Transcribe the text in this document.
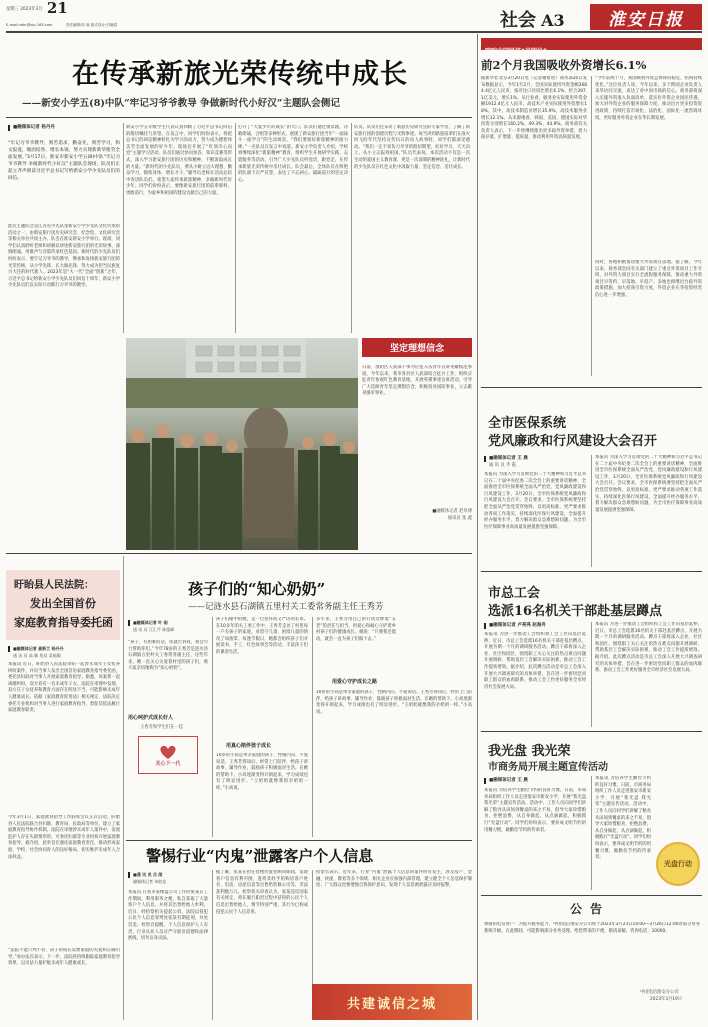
星期三 2023年3月 21
E-mail:hahr@vip.163.com	责任编辑/宋 蓉 版式设计/吕晓春	社会 A3	淮安日报
在传承新旅光荣传统中成长
——新安小学五(8)中队“牢记习爷爷教导 争做新时代小好汉”主题队会侧记
■融媒体记者 杨丹丹
“牢记习爷爷教导，刻苦追求，勤奋先，刻苦学习，和文报爱，做团结各，增长本领，努力实现新新华使劳全面发展。”3月17日，淮安市新安小学五(8)中队“牢记习爷爷教导 争做新时代小好汉”主题队会现场，队员们正起立齐声朗读习近平总书记写给新安小学少先队员们的回信。
此次主题队会是江苏省少先队星新安小学少先队文化传承的活动之一，由新安旅行团历史研究会、纪念馆、文化研究会等相关单位共同主办。队会在淮安新安小学举行。现场，同学们认真聆听老师和讲解员讲述新安旅行团的光荣故事，深情朗诵，用歌声与诗篇传承红色基因。新时代的少先队员们纷纷表示，要牢记习爷爷的教导，继承和发扬新安旅行团的光荣传统，从小学先锋、长大做先锋，努力成为担当民族复兴大任的时代新人。2023年是“大一代”全面“创新”之年，习近平总书记给新安小学少先队员们回信十周年，新安小学少先队员们以实际行动践行习爷爷的教导。
新安小学五年级学生代表认真回顾了习近平总书记回信的殷切嘱托与厚望。在发言中，同学们纷纷表示，将把总书记的回信精神转化为学习的动力，努力成为德智体美劳全面发展的好少年。现场还开展了“红领巾心向党”主题学习活动，队员们通过快问快答、知识竞赛等形式，深入学习新安旅行团的历史和精神，不断汲取成长的力量。“新时代的少先队员，要从小树立远大理想，勤奋学习，锻炼身体，增长才干。”辅导员老师在活动总结中寄语队员们，希望大家传承新旅精神，争做新时代好少年。同学们纷纷表示，要像新安旅行团的前辈那样，勇敢前行，为家乡和祖国的建设贡献自己的力量。
打开了“大爱少年的成长”的大门。队员们通过情景剧、诗歌朗诵、合唱等多种形式，展现了新安旅行团当年“一面战斗一面学习”的生动场景。“我们要接好新旅精神的接力棒。”一名队员在发言中说道。新安小学负责人介绍，学校将继续深化“新旅精神”教育，组织学生开展研学实践、志愿服务等活动，引导广大少先队员听党话、跟党走，在传承新旅光荣传统中茁壮成长。队会最后，全体队员在鲜艳的队旗下庄严宣誓，表达了不忘初心、砥砺前行的坚定决心。
队员。队员们还采访了新旅历史研究会的专家学者，了解了新安旅行团的创建历程与光辉事迹。每当讲到新旅前辈们在战火纷飞的年代坚持宣传抗日的动人故事时，同学们都深受感动。“我们一定不辜负习爷爷的殷切期望，好好学习，天天向上，从小立志报效祖国。”队员代表说。本次活动不仅是一次生动的爱国主义教育课，更是一次深刻的精神洗礼，让新时代的少先队员在红色文化中汲取力量、坚定信念、茁壮成长。
坚定理想信念
日前，淮阴区人武部干事为应征入伍青年宣讲英雄模范事迹。今年以来，我市各县区人武部结合征兵工作，组织应征青年参观红色教育基地，开展英模事迹宣讲活动，引导广大适龄青年坚定理想信念、积极投身国防事业，立志献身强军事业。
■融媒体记者 赵阜博
通讯员 张 鑫
唱响中国经济“光明论”
前2个月我国吸收外资增长6.1%
据新华社北京3月20日电（记者谢希瑶）商务部20日发布数据显示，今年1至2月，全国实际使用外资金额2684.4亿元人民币，按可比口径同比增长6.1%，折合397.1亿美元，增长1%。从行业看，服务业实际使用外资金额1912.4亿元人民币；高技术产业实际使用外资增长18%。其中，高技术制造业增长35.9%，高技术服务业增长12.1%。从来源地看，韩国、美国、德国实际对华投资分别增长160.2%、49.3%、44.9%。商务部有关负责人表示，下一步将继续推出更多稳外资举措，着力稳存量、扩增量、提质量，推动利用外资高质量发展。
“今年前两个月，我国吸收外资总体保持稳定，结构持续优化。”这位负责人说，今年以来，多个跨国企业负责人来华访问交流，表达了对中国市场的信心。商务部将深入实施外资准入负面清单，落实好外资企业国民待遇，加大对外资企业的服务保障力度，推动出台更多投资促进政策，持续打造市场化、法治化、国际化一流营商环境，更好服务外资企业在华长期发展。
同时，各地积极推动重大外资项目落地。据了解，今年以来，商务部会同有关部门建立了重点外资项目工作专班，对外资大项目实行全流程服务保障，推动重大外资项目早签约、早落地、早投产。多地也相继出台稳外资政策措施，加大招商引资力度，外资企业在华投资经营信心进一步增强。
全市医保系统
党风廉政和行风建设大会召开
■融媒体记者 王 晨
通 讯 员 齐 霞
本报讯 为深入学习贯彻党的二十大精神和习近平总书记在二十届中央纪委二次全会上的重要讲话精神，全面推进全市医保系统全面从严治党、党风廉政建设和行风建设工作，3月20日，全市医保系统党风廉政和行风建设大会召开。会议要求，全市医保系统要坚持把全面从严治党贯穿始终，以更高标准、更严要求推动各项工作落实，持续深化医保行风建设，全面提升经办服务水平，着力解决群众急难愁盼问题，为全市医疗保障事业高质量发展提供坚强保障。
本报讯 为深入学习贯彻党的二十大精神和习近平总书记在二十届中央纪委二次全会上的重要讲话精神，全面推进全市医保系统全面从严治党、党风廉政建设和行风建设工作，3月20日，全市医保系统党风廉政和行风建设大会召开。会议要求，全市医保系统要坚持把全面从严治党贯穿始终，以更高标准、更严要求推动各项工作落实，持续深化医保行风建设，全面提升经办服务水平，着力解决群众急难愁盼问题，为全市医疗保障事业高质量发展提供坚强保障。
市总工会
选派16名机关干部赴基层蹲点
■融媒体记者 卢亮亮 赵海舟
本报讯 为进一步推动工会组织和工会工作向基层延伸，近日，市总工会选派16名机关干部赴基层蹲点，开展为期一个月的调研服务活动。蹲点干部将深入企业、社区和园区，围绕职工关心关注的热点难点问题开展调研，帮助基层工会解决实际困难，推动工会工作提质增效。据介绍，此次蹲点活动是市总工会深入开展大兴调查研究的具体举措，旨在进一步密切党同职工群众的血肉联系，推动工会工作更好服务全市经济社会发展大局。
本报讯 为进一步推动工会组织和工会工作向基层延伸，近日，市总工会选派16名机关干部赴基层蹲点，开展为期一个月的调研服务活动。蹲点干部将深入企业、社区和园区，围绕职工关心关注的热点难点问题开展调研，帮助基层工会解决实际困难，推动工会工作提质增效。据介绍，此次蹲点活动是市总工会深入开展大兴调查研究的具体举措，旨在进一步密切党同职工群众的血肉联系，推动工会工作更好服务全市经济社会发展大局。
我光盘 我光荣
市商务局开展主题宣传活动
■融媒体记者 王 晨
本报讯 为培养学生勤俭节约的良好习惯，日前，市商务局组织工作人员走进淮安市新安小学，开展“我光盘 我光荣”主题宣传活动。活动中，工作人员向同学们讲解了粮食从田间到餐桌的来之不易，倡导大家珍惜粮食、拒绝浪费，从自身做起，从点滴做起，积极践行“光盘行动”。同学们纷纷表示，要养成文明节约的用餐习惯，做勤俭节约的传承者。
本报讯 为培养学生勤俭节约的良好习惯，日前，市商务局组织工作人员走进淮安市新安小学，开展“我光盘 我光荣”主题宣传活动。活动中，工作人员向同学们讲解了粮食从田间到餐桌的来之不易，倡导大家珍惜粮食、拒绝浪费，从自身做起，从点滴做起，积极践行“光盘行动”。同学们纷纷表示，要养成文明节约的用餐习惯，做勤俭节约的传承者。
光盘行动
公告
尊敬的电信客户：为提升服务能力，中国电信淮安分公司将于2023年3月23日14:00—3月26日12:00对部分业务系统升级。在此期间，可能影响部分业务受理。给您带来的不便，敬请谅解。咨询电话：10000。
中国电信淮安分公司
2023年3月19日
盱眙县人民法院：
发出全国首份
家庭教育指导委托函
■融媒体记者 姜新兰 杨丹丹
通 讯 员 高 颖 詹双 姜福顺
本报讯 近日，盱眙县人民法院审结一起涉未成年子女抚养纠纷案件，并向当事人发出全国首份家庭教育指导委托函，委托县妇联对当事人开展家庭教育指导。据悉，该案系一起离婚纠纷，双方育有一名未成年子女。法院在审理中发现，双方在子女抚养和教育方面存在明显不当，可能影响未成年人健康成长。依据《家庭教育促进法》相关规定，法院决定委托专业机构对当事人进行家庭教育指导，督促其依法履行家庭教育职责。
今年3月1日，家庭教育指导工作联席会议正式启动，盱眙县人民法院联合县妇联、教育局、民政局等单位，建立了家庭教育指导协作机制。法院在审理涉未成年人案件中，发现监护人存在失职情形的，可委托妇联等专业机构开展家庭教育指导。据介绍，此举旨在强化家庭教育责任，推动形成家庭、学校、社会协同育人的良好格局，切实维护未成年人合法权益。
“法院不能只判不管，孩子的成长需要家庭的关爱和正确引导。”承办法官表示，下一步，法院将持续跟踪家庭教育指导效果，以司法力量护航未成年人健康成长。
孩子们的“知心奶奶”
——记涟水县石湖镇五里村关工委常务副主任王秀芳
■融媒体记者 叶 刚
通 讯 员 江汇芹 陈俊峰
“孩子，有困难的话，你就告诉我，我会尽力帮助你们。”今年78岁的王秀芳是涟水县石湖镇五里村关工委常务副主任，这些年来，她一直关心关爱着村里的孩子们，被大家亲切地称为“知心奶奶”。
用心呵护式成长好人
王秀芳和学生们在一起
关心下一代
孩子们眼中的她，是一位慈祥而又严厉的长辈。在10多年的关工委工作中，王秀芳走访了村里每一户有孩子的家庭，对留守儿童、困境儿童的情况了如指掌。每逢节假日，她都会组织孩子们开展读书、手工、红色故事会等活动，丰富孩子们的课余生活。
用真心陪伴孩子成长
10岁的小高是单亲家庭的孩子，性格内向、不爱说话。王秀芳得知后，经常上门陪伴，给孩子讲故事、辅导作业，鼓励孩子积极面对生活。在她的帮助下，小高逐渐变得开朗起来，学习成绩也有了明显进步。“王奶奶就像我的亲奶奶一样。”小高说。
多年来，王秀芳用自己的行动诠释着“五老”的责任与担当，用爱心和耐心守护着乡村孩子们的健康成长。她说：“只要我还能动，就会一直为孩子们做下去。”
用爱心守护成长之路
10岁的小高是单亲家庭的孩子，性格内向、不爱说话。王秀芳得知后，经常上门陪伴，给孩子讲故事、辅导作业，鼓励孩子积极面对生活。在她的帮助下，小高逐渐变得开朗起来，学习成绩也有了明显进步。“王奶奶就像我的亲奶奶一样。”小高说。
警惕行业“内鬼”泄露客户个人信息
■通 讯 员 吕 闻
融媒体记者 单皖龙
本报讯 在我市某楼盘公司工作的张某在工作期间，利用职务之便，私自获取了大量客户个人信息，并将其出售给他人牟利。近日，经检察机关提起公诉，法院以侵犯公民个人信息罪判处张某有期徒刑，并处罚金。检察官提醒，个人信息保护人人有责，行业从业人员应严守职业道德和法律底线，切勿以身试法。
据了解，张某在担任售楼处置业顾问期间，发现客户信息有利可图，遂将其经手的购房客户姓名、电话、房屋信息等出售给装修公司等，非法获利数万元。检察机关审查认为，张某违反国家有关规定，将在履行职责过程中获得的公民个人信息出售给他人，情节特别严重，其行为已构成侵犯公民个人信息罪。
检察官表示，近年来，行业“内鬼”泄露个人信息的案件时有发生，涉及房产、金融、快递、教育等多个领域。相关企业应加强内部管理，建立健全个人信息保护制度；广大群众也要增强自我保护意识，发现个人信息被泄露应及时报警。
共建诚信之城
